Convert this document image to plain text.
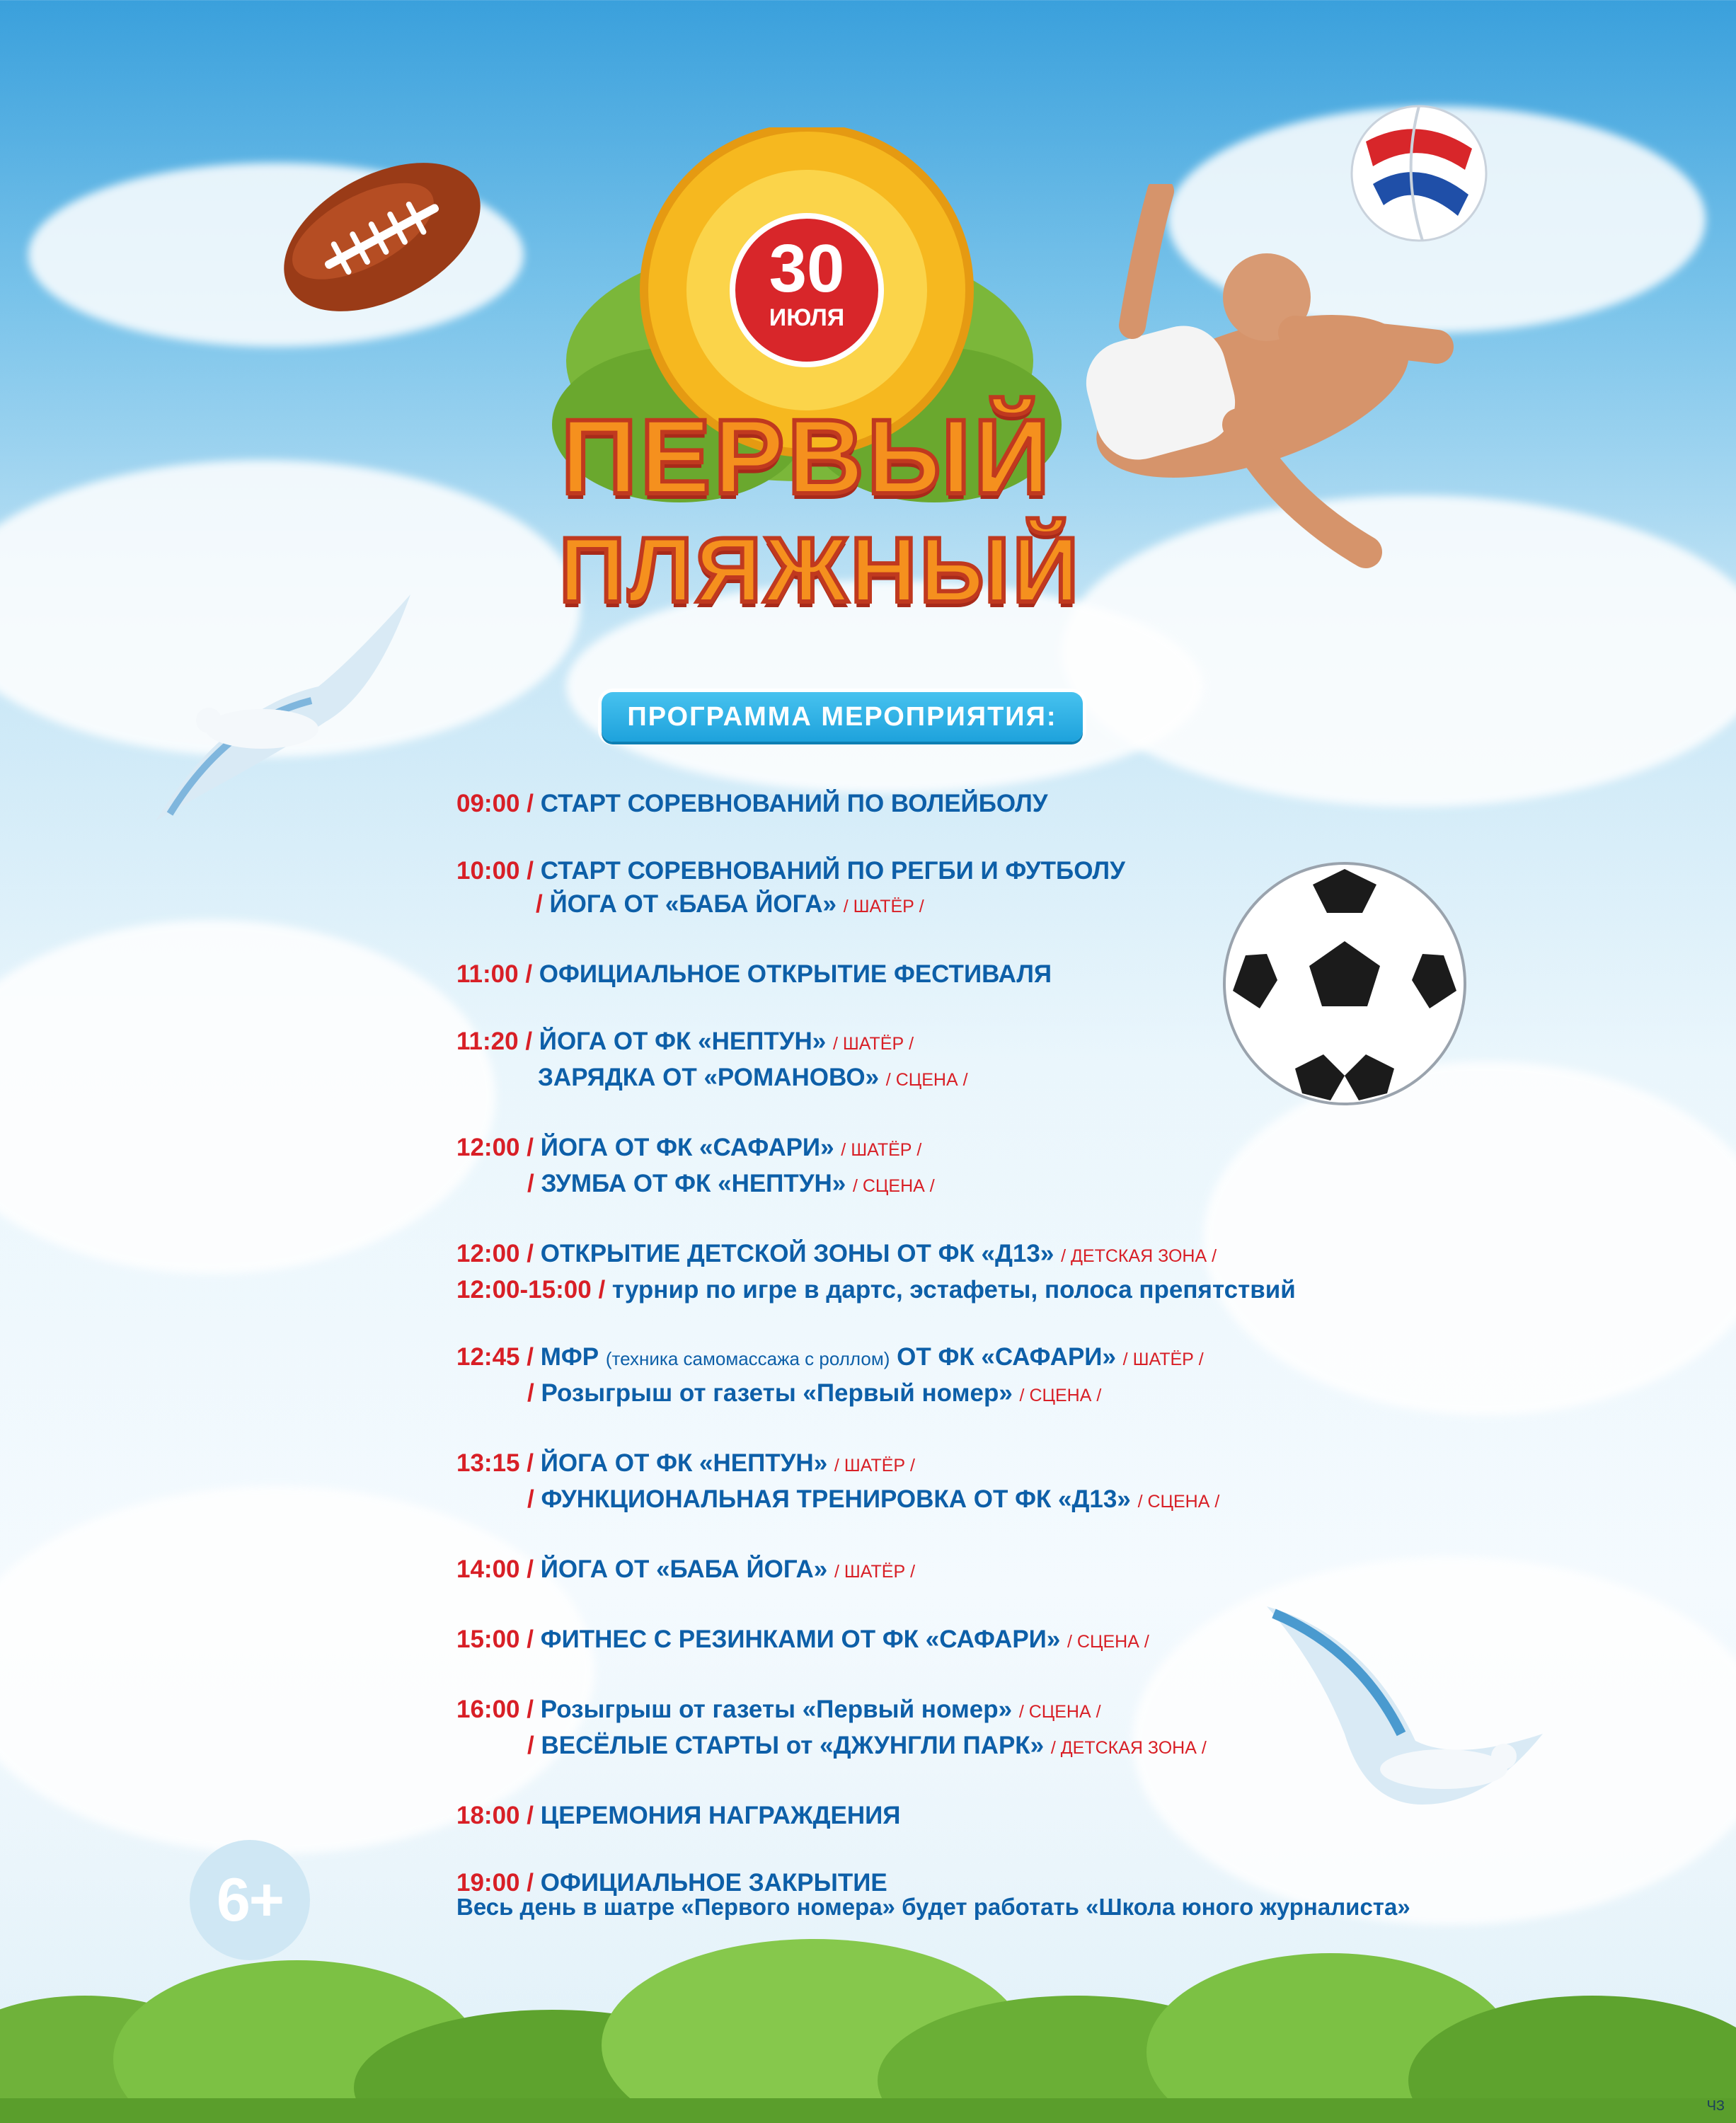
30
ИЮЛЯ
ПЕРВЫЙ
ПЛЯЖНЫЙ
ПРОГРАММА МЕРОПРИЯТИЯ:
09:00 / СТАРТ СОРЕВНОВАНИЙ ПО ВОЛЕЙБОЛУ
10:00 / СТАРТ СОРЕВНОВАНИЙ ПО РЕГБИ И ФУТБОЛУ
/ ЙОГА ОТ «БАБА ЙОГА» / ШАТЁР /
11:00 / ОФИЦИАЛЬНОЕ ОТКРЫТИЕ ФЕСТИВАЛЯ
11:20 / ЙОГА ОТ ФК «НЕПТУН» / ШАТЁР /
ЗАРЯДКА ОТ «РОМАНОВО» / СЦЕНА /
12:00 / ЙОГА ОТ ФК «САФАРИ» / ШАТЁР /
/ ЗУМБА ОТ ФК «НЕПТУН» / СЦЕНА /
12:00 / ОТКРЫТИЕ ДЕТСКОЙ ЗОНЫ ОТ ФК «Д13» / ДЕТСКАЯ ЗОНА /
12:00-15:00 / турнир по игре в дартс, эстафеты, полоса препятствий
12:45 / МФР (техника самомассажа с роллом) ОТ ФК «САФАРИ» / ШАТЁР /
/ Розыгрыш от газеты «Первый номер» / СЦЕНА /
13:15 / ЙОГА ОТ ФК «НЕПТУН» / ШАТЁР /
/ ФУНКЦИОНАЛЬНАЯ ТРЕНИРОВКА ОТ ФК «Д13» / СЦЕНА /
14:00 / ЙОГА ОТ «БАБА ЙОГА» / ШАТЁР /
15:00 / ФИТНЕС С РЕЗИНКАМИ ОТ ФК «САФАРИ» / СЦЕНА /
16:00 / Розыгрыш от газеты «Первый номер» / СЦЕНА /
/ ВЕСЁЛЫЕ СТАРТЫ от «ДЖУНГЛИ ПАРК» / ДЕТСКАЯ ЗОНА /
18:00 / ЦЕРЕМОНИЯ НАГРАЖДЕНИЯ
19:00 / ОФИЦИАЛЬНОЕ ЗАКРЫТИЕ
Весь день в шатре «Первого номера» будет работать «Школа юного журналиста»
6+
ЧЗ
